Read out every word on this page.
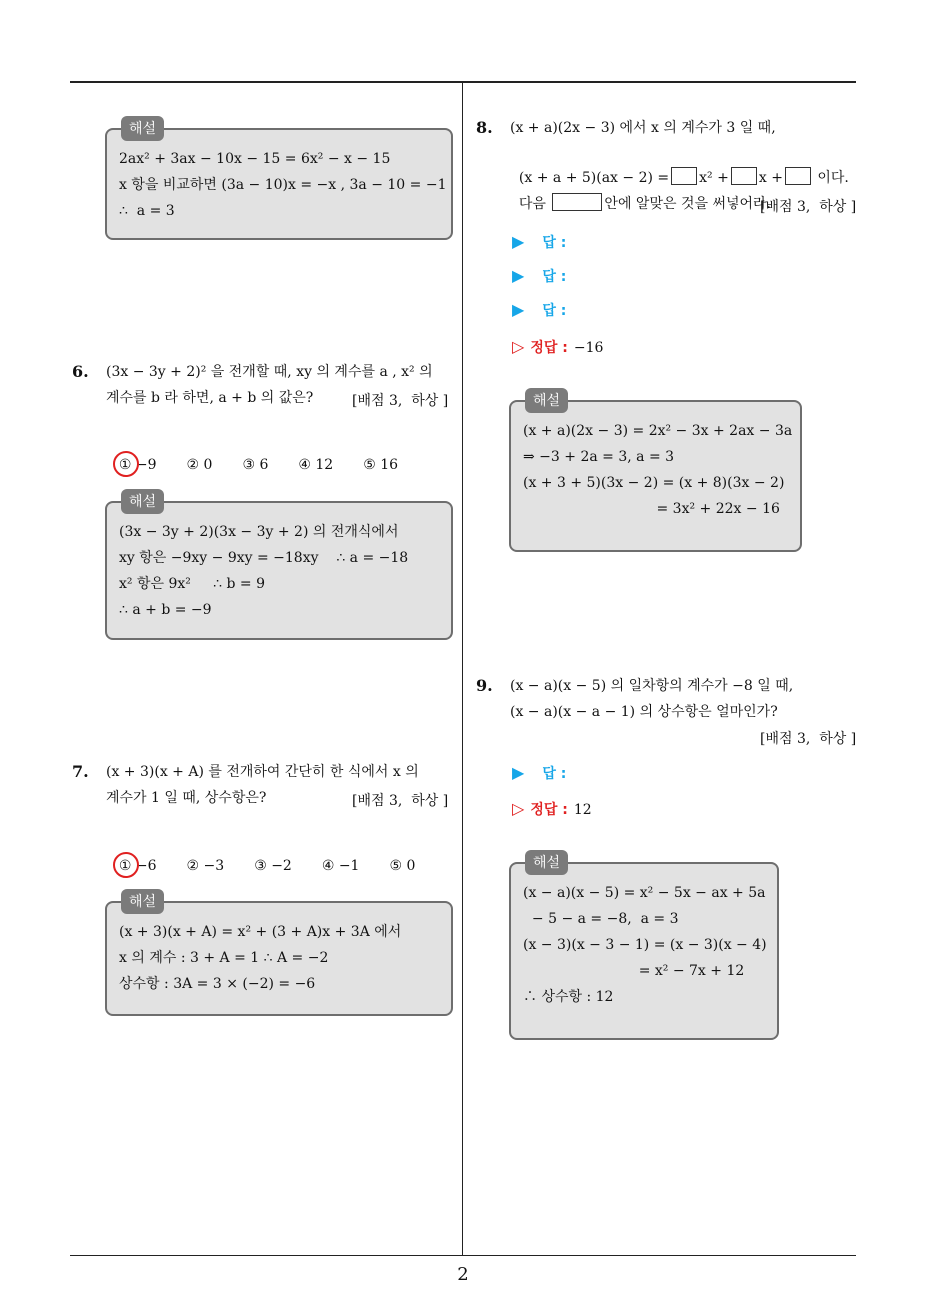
2
해설
2ax² + 3ax − 10x − 15 = 6x² − x − 15
x 항을 비교하면 (3a − 10)x = −x , 3a − 10 = −1
∴  a = 3
6. (3x − 3y + 2)² 을 전개할 때, xy 의 계수를 a , x² 의
계수를 b 라 하면, a + b 의 값은?	[배점 3,  하상 ]

① −9 ② 0 ③ 6 ④ 12 ⑤ 16

해설
(3x − 3y + 2)(3x − 3y + 2) 의 전개식에서
xy 항은 −9xy − 9xy = −18xy    ∴ a = −18
x² 항은 9x²     ∴ b = 9
∴ a + b = −9
7. (x + 3)(x + A) 를 전개하여 간단히 한 식에서 x 의
계수가 1 일 때, 상수항은?	[배점 3,  하상 ]

① −6 ② −3 ③ −2 ④ −1 ⑤ 0

해설
(x + 3)(x + A) = x² + (3 + A)x + 3A 에서
x 의 계수 : 3 + A = 1 ∴ A = −2
상수항 : 3A = 3 × (−2) = −6
8. (x + a)(2x − 3) 에서 x 의 계수가 3 일 때,

(x + a + 5)(ax − 2) = x² + x + 이다.

다음	안에 알맞은 것을 써넣어라.

[배점 3,  하상 ]
▶ 답 :
▶ 답 :
▶ 답 :
▷ 정답 : −16
해설
(x + a)(2x − 3) = 2x² − 3x + 2ax − 3a
⇒ −3 + 2a = 3, a = 3
(x + 3 + 5)(3x − 2) = (x + 8)(3x − 2)
= 3x² + 22x − 16
9. (x − a)(x − 5) 의 일차항의 계수가 −8 일 때,
(x − a)(x − a − 1) 의 상수항은 얼마인가?
[배점 3,  하상 ]
▶ 답 :
▷ 정답 : 12
해설
(x − a)(x − 5) = x² − 5x − ax + 5a
− 5 − a = −8,  a = 3
(x − 3)(x − 3 − 1) = (x − 3)(x − 4)
= x² − 7x + 12
∴ 상수항 : 12
